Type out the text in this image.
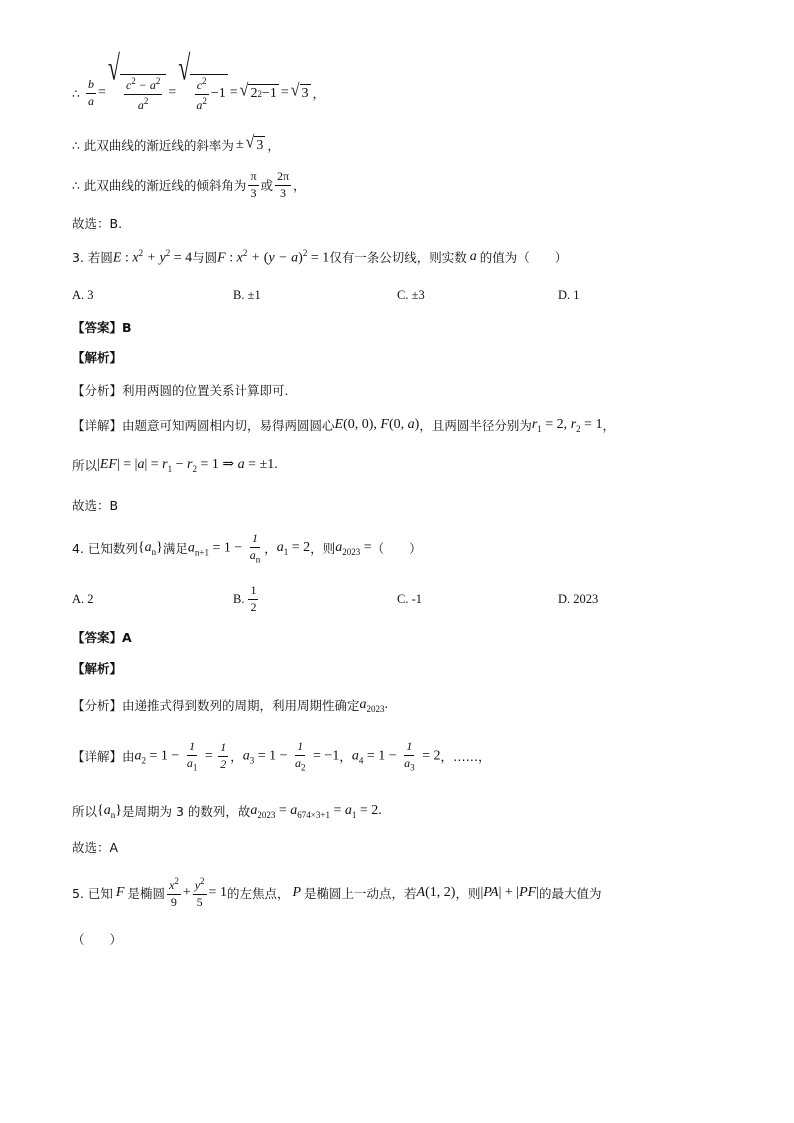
∴ $\frac{b}{a}$ =
√
$\frac{c^2 - a^2}{a^2}$ =
√
$\frac{c^2}{a^2} -1$ = √ 2 2 −1 = √ 3 ，
∴ 此双曲线的渐近线的斜率为 ± √ 3 ，
∴ 此双曲线的渐近线的倾斜角为 $\frac{\pi}{3}$ 或 $\frac{2\pi}{3}$ ，
故选：B.
3. 若圆 E : $x^2 + y^2 = 4$ 与圆 F : $x^2 + (y - a)^2 = 1$ 仅有一条公切线，则实数 a 的值为（　　）
A. 3	B. ±1	C. ±3	D. 1
【答案】B
【解析】
【分析】利用两圆的位置关系计算即可.
【详解】由题意可知两圆相内切，易得两圆圆心 E(0, 0), F(0, a) ，且两圆半径分别为 $r_1 = 2$, $r_2 = 1$ ，
所以 $|EF| = |a| = r_1 - r_2 = 1$ ⇒ a = ±1.
故选：B
4. 已知数列 $\{a_n\}$ 满足 $a_{n+1} = 1 - \frac{1}{a_n}$ ， $a_1 = 2$ ，则 $a_{2023}$ = （　　）
A. 2	B. $\frac{1}{2}$	C. -1	D. 2023
【答案】A
【解析】
【分析】由递推式得到数列的周期，利用周期性确定 $a_{2023}$.
【详解】由 $a_2 = 1 - \frac{1}{a_1} = \frac{1}{2}$ ， $a_3 = 1 - \frac{1}{a_2} = -1$ ， $a_4 = 1 - \frac{1}{a_3} = 2$ ， ……，
所以 $\{a_n\}$ 是周期为 3 的数列，故 $a_{2023} = a_{674\times 3+1} = a_1 = 2$.
故选：A
5. 已知 F 是椭圆 $\frac{x^2}{9} + \frac{y^2}{5} = 1$ 的左焦点， P 是椭圆上一动点，若 A(1, 2) ，则 |PA| + |PF| 的最大值为
（　　）
